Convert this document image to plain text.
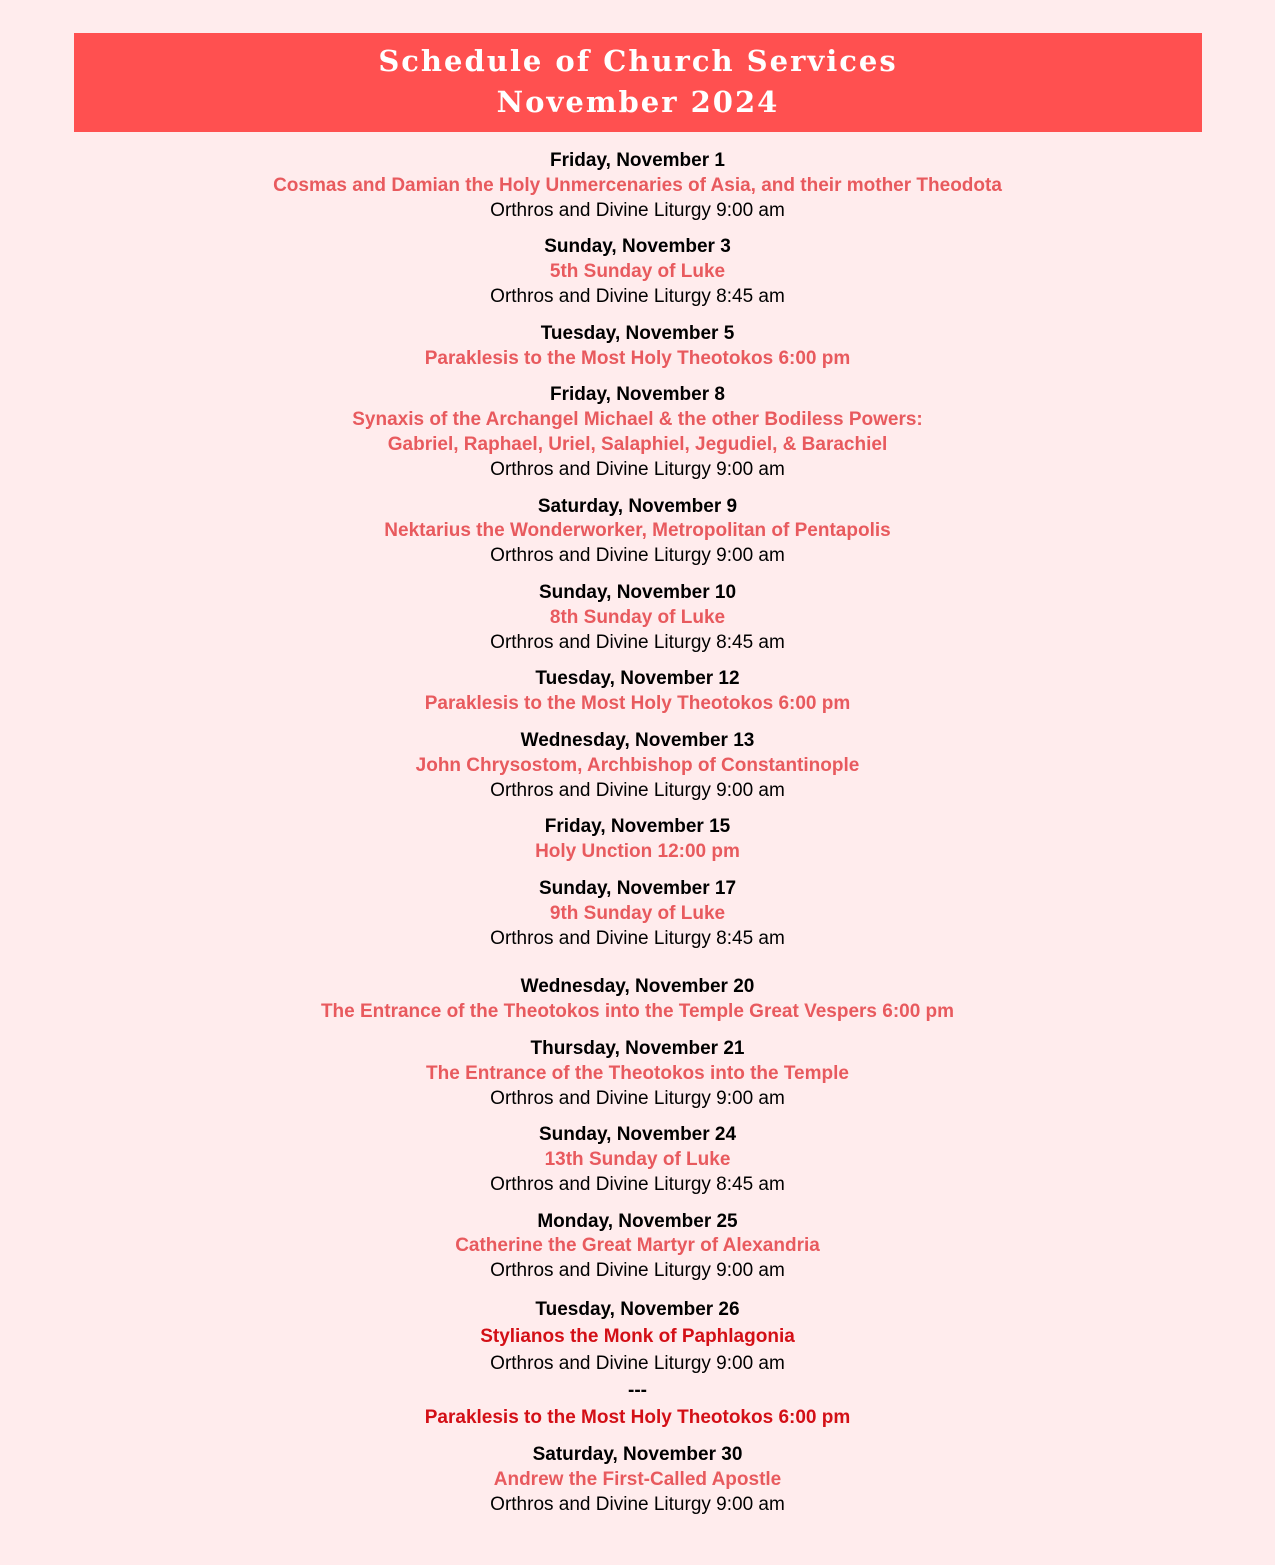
Schedule of Church Services
November 2024
Friday, November 1
Cosmas and Damian the Holy Unmercenaries of Asia, and their mother Theodota
Orthros and Divine Liturgy 9:00 am
Sunday, November 3
5th Sunday of Luke
Orthros and Divine Liturgy 8:45 am
Tuesday, November 5
Paraklesis to the Most Holy Theotokos 6:00 pm
Friday, November 8
Synaxis of the Archangel Michael & the other Bodiless Powers:
Gabriel, Raphael, Uriel, Salaphiel, Jegudiel, & Barachiel
Orthros and Divine Liturgy 9:00 am
Saturday, November 9
Nektarius the Wonderworker, Metropolitan of Pentapolis
Orthros and Divine Liturgy 9:00 am
Sunday, November 10
8th Sunday of Luke
Orthros and Divine Liturgy 8:45 am
Tuesday, November 12
Paraklesis to the Most Holy Theotokos 6:00 pm
Wednesday, November 13
John Chrysostom, Archbishop of Constantinople
Orthros and Divine Liturgy 9:00 am
Friday, November 15
Holy Unction 12:00 pm
Sunday, November 17
9th Sunday of Luke
Orthros and Divine Liturgy 8:45 am
Wednesday, November 20
The Entrance of the Theotokos into the Temple Great Vespers 6:00 pm
Thursday, November 21
The Entrance of the Theotokos into the Temple
Orthros and Divine Liturgy 9:00 am
Sunday, November 24
13th Sunday of Luke
Orthros and Divine Liturgy 8:45 am
Monday, November 25
Catherine the Great Martyr of Alexandria
Orthros and Divine Liturgy 9:00 am
Tuesday, November 26
Stylianos the Monk of Paphlagonia
Orthros and Divine Liturgy 9:00 am
---
Paraklesis to the Most Holy Theotokos 6:00 pm
Saturday, November 30
Andrew the First-Called Apostle
Orthros and Divine Liturgy 9:00 am
